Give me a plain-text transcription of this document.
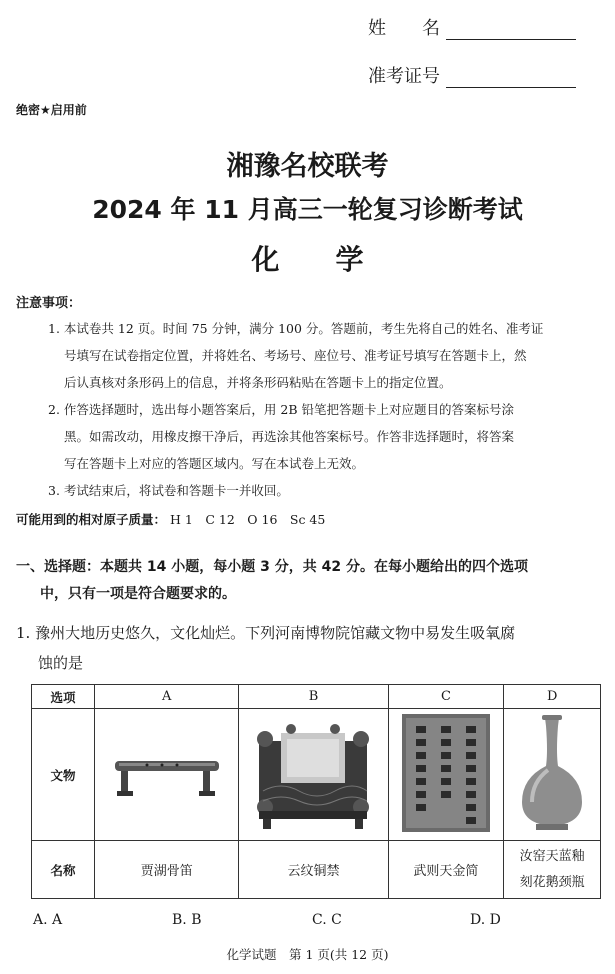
姓　　名
准考证号
绝密★启用前
湘豫名校联考
2024 年 11 月高三一轮复习诊断考试
化　　学
注意事项：
1. 本试卷共 12 页。时间 75 分钟，满分 100 分。答题前，考生先将自己的姓名、准考证
号填写在试卷指定位置，并将姓名、考场号、座位号、准考证号填写在答题卡上，然
后认真核对条形码上的信息，并将条形码粘贴在答题卡上的指定位置。
2. 作答选择题时，选出每小题答案后，用 2B 铅笔把答题卡上对应题目的答案标号涂
黑。如需改动，用橡皮擦干净后，再选涂其他答案标号。作答非选择题时，将答案
写在答题卡上对应的答题区域内。写在本试卷上无效。
3. 考试结束后，将试卷和答题卡一并收回。
可能用到的相对原子质量： H 1　C 12　O 16　Sc 45
一、选择题：本题共 14 小题，每小题 3 分，共 42 分。在每小题给出的四个选项
中，只有一项是符合题要求的。
1. 豫州大地历史悠久，文化灿烂。下列河南博物院馆藏文物中易发生吸氧腐
蚀的是
选项	A	B	C	D
文物				
名称	贾湖骨笛	云纹铜禁	武则天金简	汝窑天蓝釉
刻花鹅颈瓶
A. A	B. B	C. C	D. D
化学试题　第 1 页(共 12 页)
